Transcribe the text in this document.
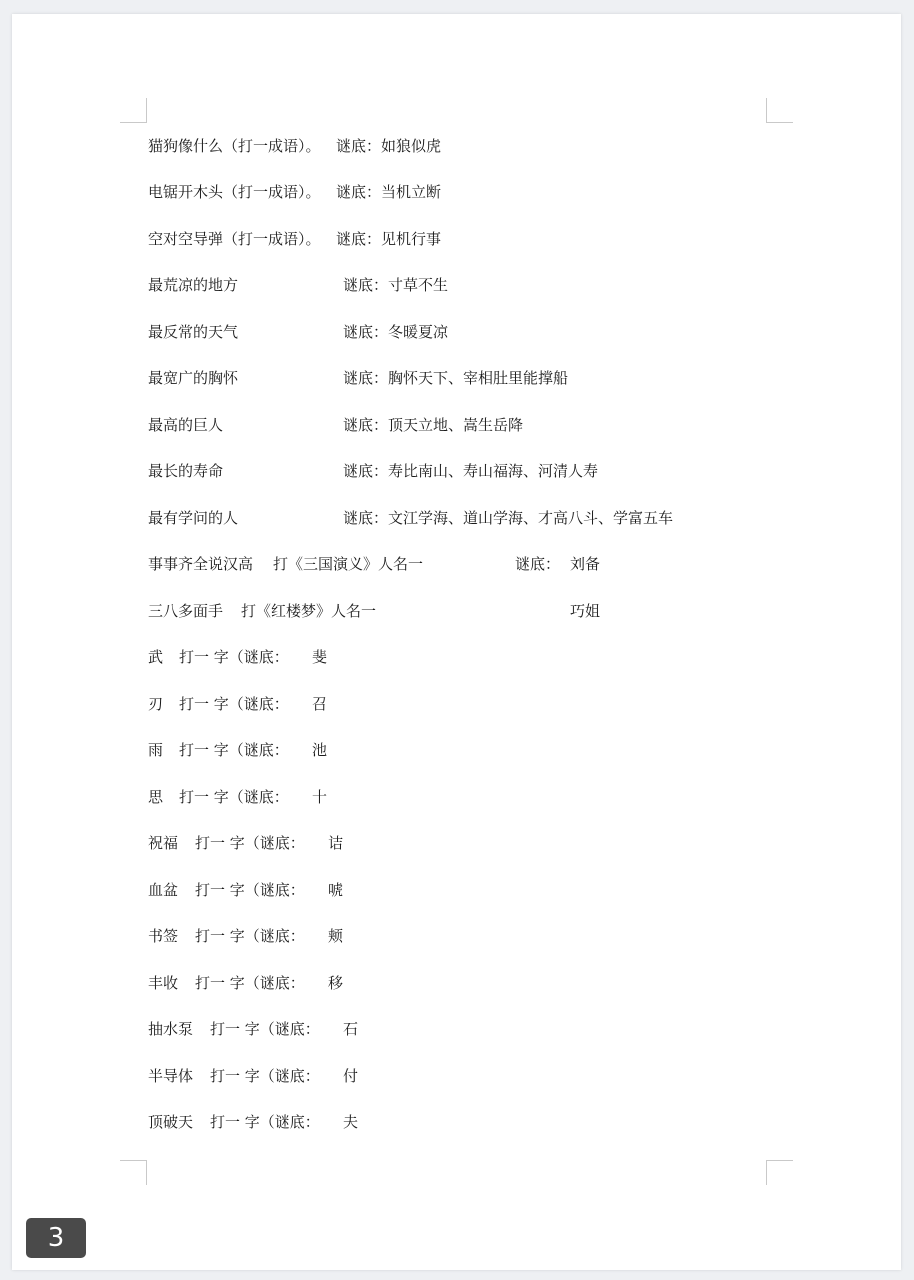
猫狗像什么（打一成语）。 谜底：如狼似虎
电锯开木头（打一成语）。 谜底：当机立断
空对空导弹（打一成语）。 谜底：见机行事
最荒凉的地方	谜底：寸草不生
最反常的天气	谜底：冬暖夏凉
最宽广的胸怀	谜底：胸怀天下、宰相肚里能撑船
最高的巨人	谜底：顶天立地、嵩生岳降
最长的寿命	谜底：寿比南山、寿山福海、河清人寿
最有学问的人	谜底：文江学海、道山学海、才高八斗、学富五车
事事齐全说汉高 打《三国演义》人名一	谜底： 刘备
三八多面手 打《红楼梦》人名一	巧姐
武 打一 字（谜底： 斐
刃 打一 字（谜底： 召
雨 打一 字（谜底： 池
思 打一 字（谜底： 十
祝福 打一 字（谜底： 诘
血盆 打一 字（谜底： 唬
书签 打一 字（谜底： 颊
丰收 打一 字（谜底： 移
抽水泵 打一 字（谜底： 石
半导体 打一 字（谜底： 付
顶破天 打一 字（谜底： 夫
3
